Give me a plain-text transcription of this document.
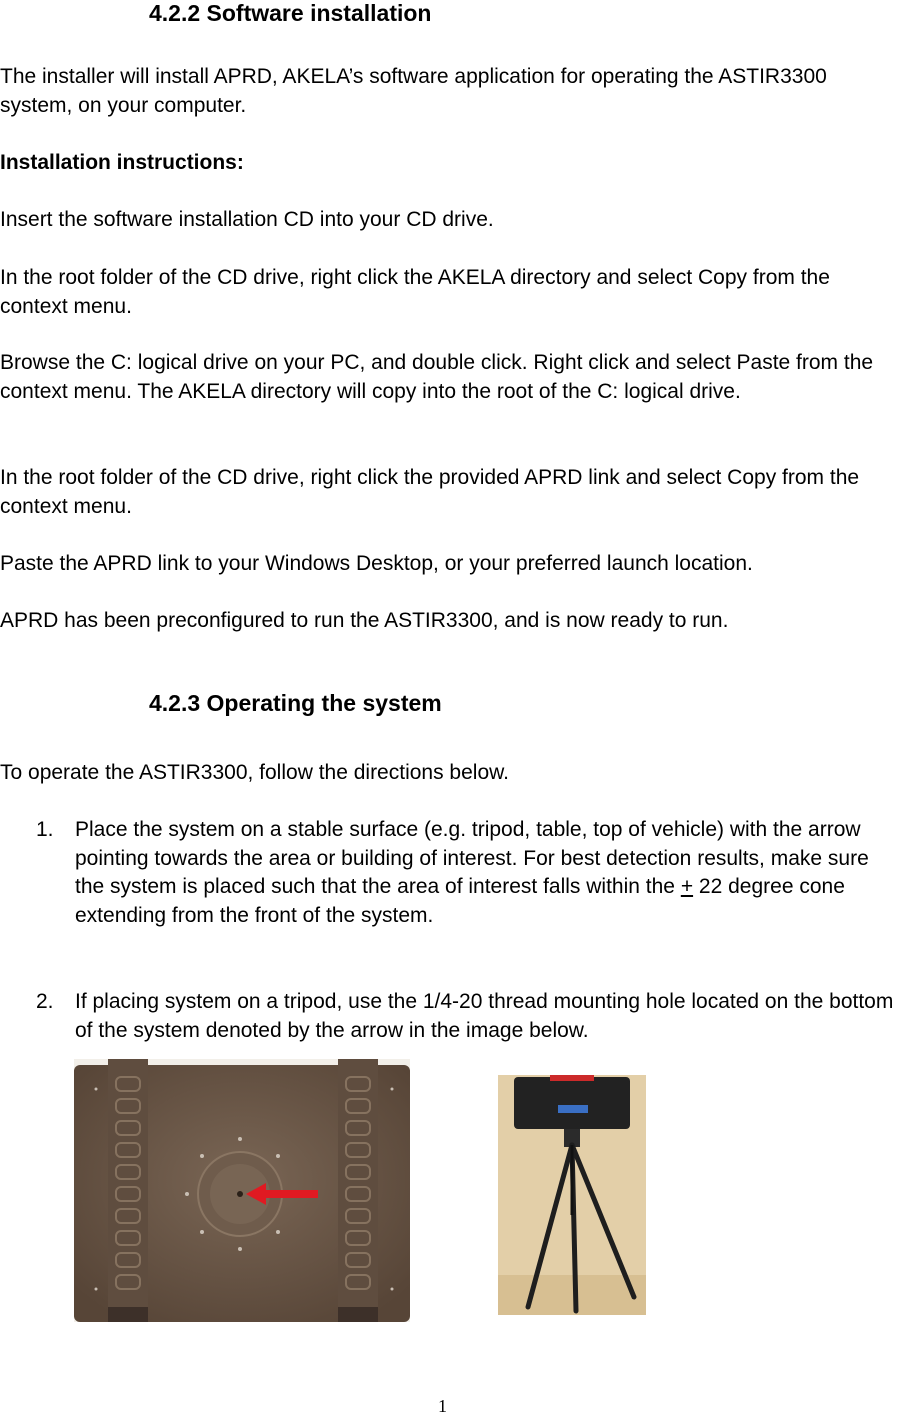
4.2.2 Software installation

The installer will install APRD, AKELA’s software application for operating the ASTIR3300 system, on your computer.

Installation instructions:

Insert the software installation CD into your CD drive.

In the root folder of the CD drive, right click the AKELA directory and select Copy from the context menu.

Browse the C: logical drive on your PC, and double click. Right click and select Paste from the context menu. The AKELA directory will copy into the root of the C: logical drive.

In the root folder of the CD drive, right click the provided APRD link and select Copy from the context menu.

Paste the APRD link to your Windows Desktop, or your preferred launch location.

APRD has been preconfigured to run the ASTIR3300, and is now ready to run.

4.2.3 Operating the system

To operate the ASTIR3300, follow the directions below.

1. Place the system on a stable surface (e.g. tripod, table, top of vehicle) with the arrow pointing towards the area or building of interest. For best detection results, make sure the system is placed such that the area of interest falls within the + 22 degree cone extending from the front of the system.
2. If placing system on a tripod, use the 1/4-20 thread mounting hole located on the bottom of the system denoted by the arrow in the image below.
1
